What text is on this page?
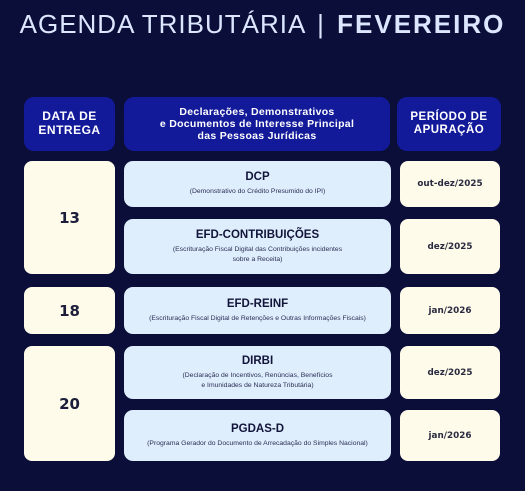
AGENDA TRIBUTÁRIA | FEVEREIRO
DATA DE
ENTREGA
Declarações, Demonstrativos
e Documentos de Interesse Principal
das Pessoas Jurídicas
PERÍODO DE
APURAÇÃO
13
18
20
DCP
(Demonstrativo do Crédito Presumido do IPI)
out-dez/2025
EFD-CONTRIBUIÇÕES
(Escrituração Fiscal Digital das Contribuições incidentes
sobre a Receita)
dez/2025
EFD-REINF
(Escrituração Fiscal Digital de Retenções e Outras Informações Fiscais)
jan/2026
DIRBI
(Declaração de Incentivos, Renúncias, Benefícios
e Imunidades de Natureza Tributária)
dez/2025
PGDAS-D
(Programa Gerador do Documento de Arrecadação do Simples Nacional)
jan/2026
